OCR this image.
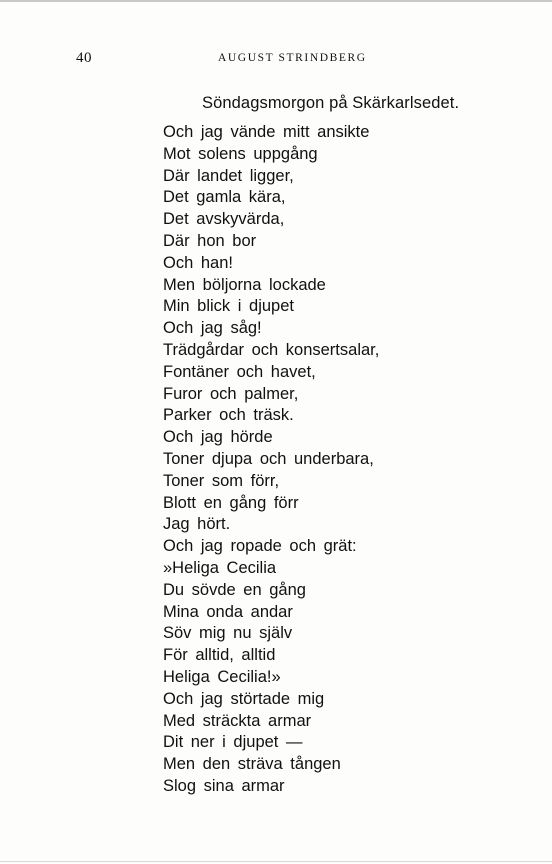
40	AUGUST STRINDBERG
Söndagsmorgon på Skärkarlsedet.
Och jag vände mitt ansikte
Mot solens uppgång
Där landet ligger,
Det gamla kära,
Det avskyvärda,
Där hon bor
Och han!
Men böljorna lockade
Min blick i djupet
Och jag såg!
Trädgårdar och konsertsalar,
Fontäner och havet,
Furor och palmer,
Parker och träsk.
Och jag hörde
Toner djupa och underbara,
Toner som förr,
Blott en gång förr
Jag hört.
Och jag ropade och grät:
»Heliga Cecilia
Du sövde en gång
Mina onda andar
Söv mig nu själv
För alltid, alltid
Heliga Cecilia!»
Och jag störtade mig
Med sträckta armar
Dit ner i djupet —
Men den sträva tången
Slog sina armar
